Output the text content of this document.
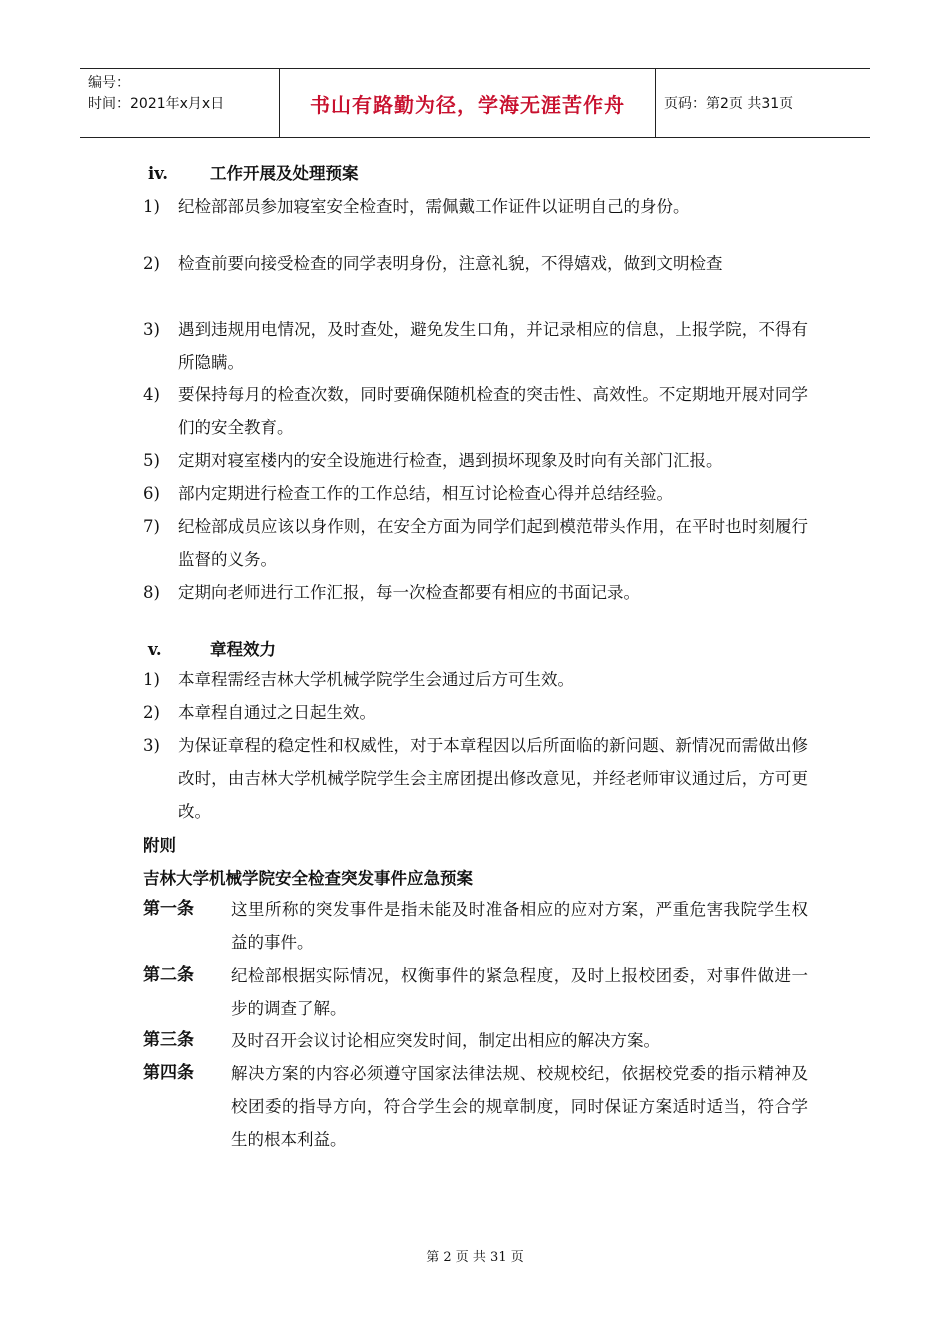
编号：
时间：2021年x月x日	书山有路勤为径，学海无涯苦作舟	页码：第2页 共31页
iv.	工作开展及处理预案
1)	纪检部部员参加寝室安全检查时，需佩戴工作证件以证明自己的身份。
2)	检查前要向接受检查的同学表明身份，注意礼貌，不得嬉戏，做到文明检查
3)	遇到违规用电情况，及时查处，避免发生口角，并记录相应的信息，上报学院，不得有所隐瞒。
4)	要保持每月的检查次数，同时要确保随机检查的突击性、高效性。不定期地开展对同学们的安全教育。
5)	定期对寝室楼内的安全设施进行检查，遇到损坏现象及时向有关部门汇报。
6)	部内定期进行检查工作的工作总结，相互讨论检查心得并总结经验。
7)	纪检部成员应该以身作则，在安全方面为同学们起到模范带头作用，在平时也时刻履行监督的义务。
8)	定期向老师进行工作汇报，每一次检查都要有相应的书面记录。
v.	章程效力
1)	本章程需经吉林大学机械学院学生会通过后方可生效。
2)	本章程自通过之日起生效。
3)	为保证章程的稳定性和权威性，对于本章程因以后所面临的新问题、新情况而需做出修改时，由吉林大学机械学院学生会主席团提出修改意见，并经老师审议通过后，方可更改。
附则
吉林大学机械学院安全检查突发事件应急预案
第一条	这里所称的突发事件是指未能及时准备相应的应对方案，严重危害我院学生权益的事件。
第二条	纪检部根据实际情况，权衡事件的紧急程度，及时上报校团委，对事件做进一步的调查了解。
第三条	及时召开会议讨论相应突发时间，制定出相应的解决方案。
第四条	解决方案的内容必须遵守国家法律法规、校规校纪，依据校党委的指示精神及校团委的指导方向，符合学生会的规章制度，同时保证方案适时适当，符合学生的根本利益。
第 2 页 共 31 页
